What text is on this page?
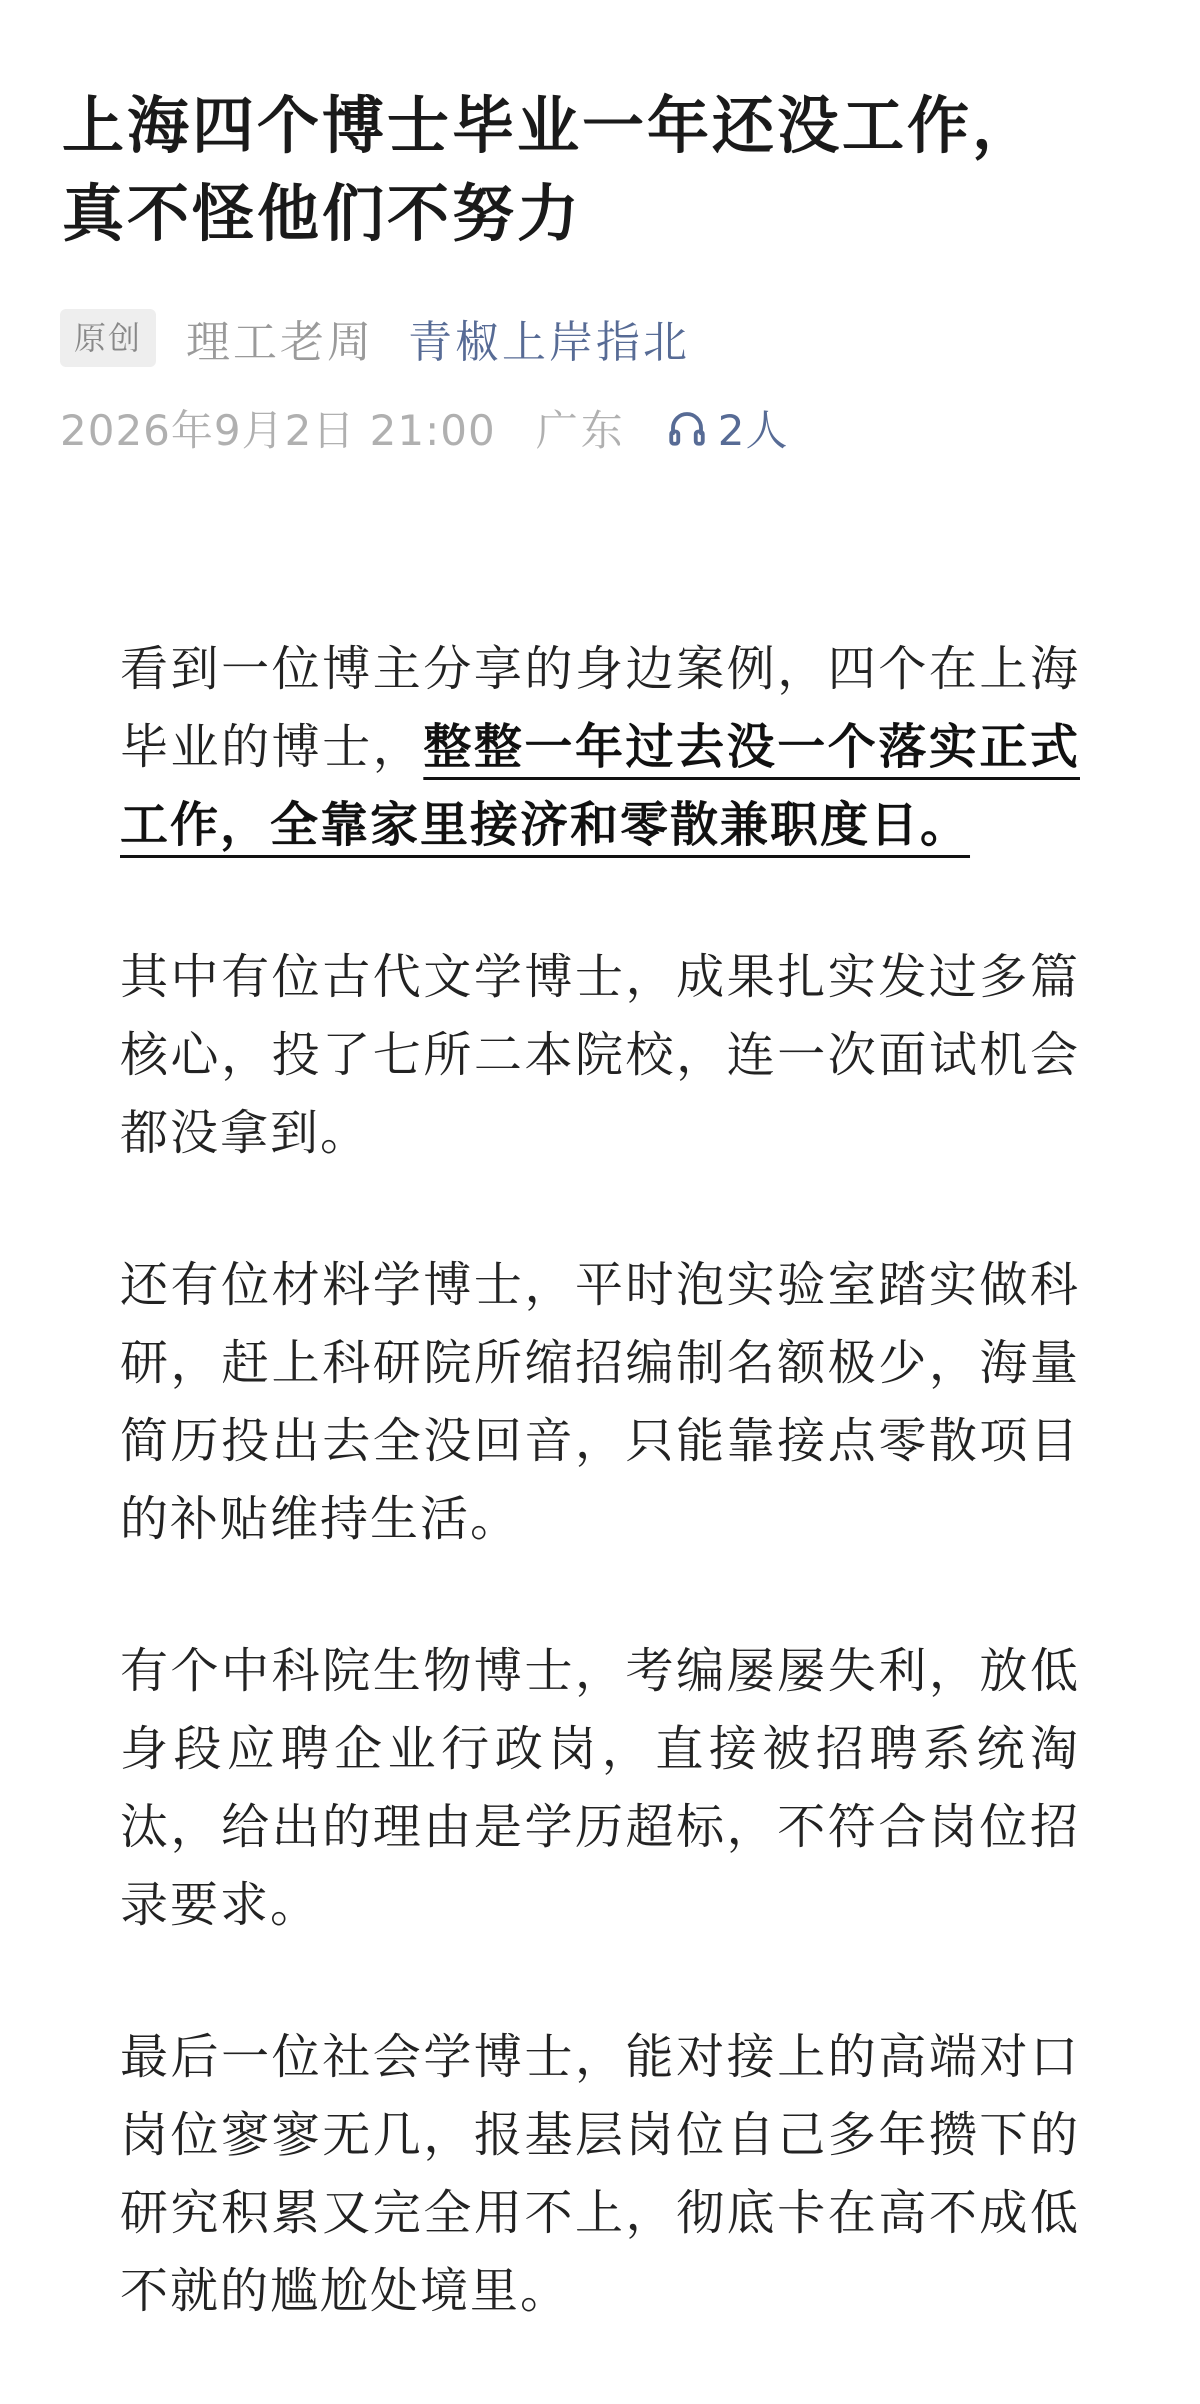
上海四个博士毕业一年还没工作，
真不怪他们不努力
原创	理工老周 青椒上岸指北
2026年9月2日 21:00 广东 2人

看到一位博主分享的身边案例，四个在上海毕业的博士，整整一年过去没一个落实正式工作，全靠家里接济和零散兼职度日。

其中有位古代文学博士，成果扎实发过多篇核心，投了七所二本院校，连一次面试机会都没拿到。

还有位材料学博士，平时泡实验室踏实做科研，赶上科研院所缩招编制名额极少，海量简历投出去全没回音，只能靠接点零散项目的补贴维持生活。

有个中科院生物博士，考编屡屡失利，放低身段应聘企业行政岗，直接被招聘系统淘汰，给出的理由是学历超标，不符合岗位招录要求。

最后一位社会学博士，能对接上的高端对口岗位寥寥无几，报基层岗位自己多年攒下的研究积累又完全用不上，彻底卡在高不成低不就的尴尬处境里。
